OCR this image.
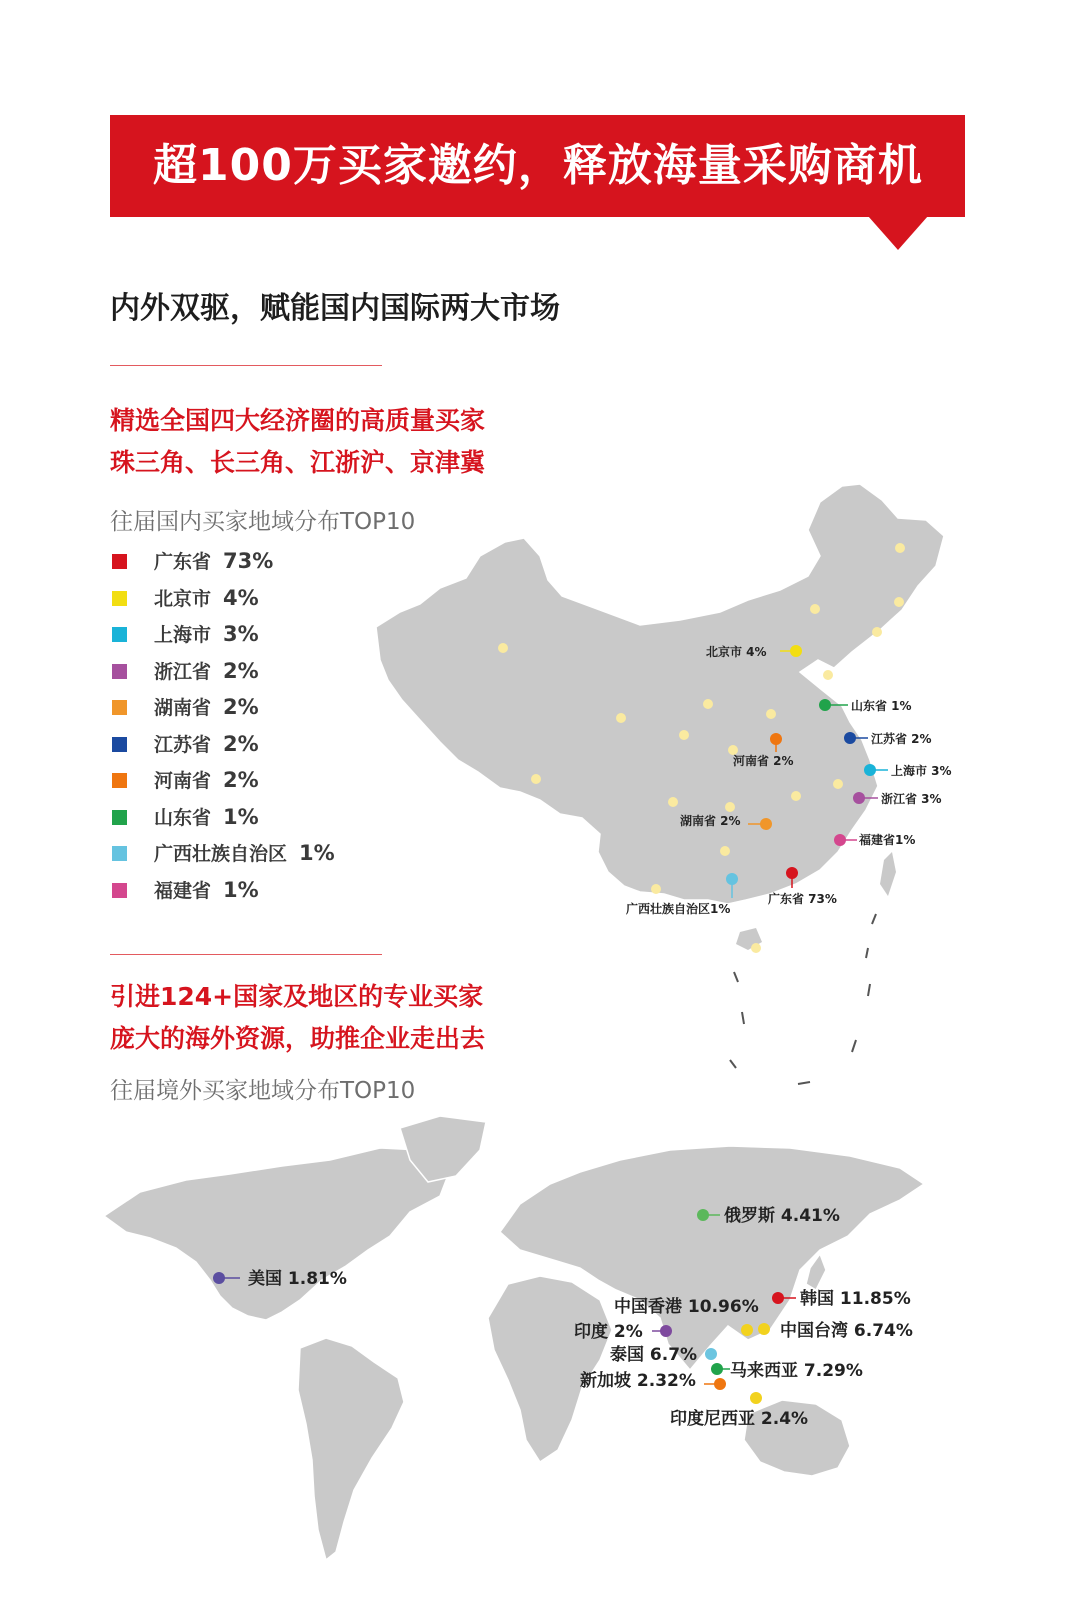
超100万买家邀约，释放海量采购商机
内外双驱，赋能国内国际两大市场

精选全国四大经济圈的高质量买家

珠三角、长三角、江浙沪、京津冀

往届国内买家地域分布TOP10

广东省 73%
北京市 4%
上海市 3%
浙江省 2%
湖南省 2%
江苏省 2%
河南省 2%
山东省 1%
广西壮族自治区 1%
福建省 1%

引进124+国家及地区的专业买家

庞大的海外资源，助推企业走出去

往届境外买家地域分布TOP10

北京市 4%
山东省 1%
江苏省 2%
河南省 2%
上海市 3%
浙江省 3%
湖南省 2%
福建省1%
广西壮族自治区1%
广东省 73%
俄罗斯 4.41%
美国 1.81%
中国香港 10.96% 韩国 11.85%
印度 2%	中国台湾 6.74%
泰国 6.7%
马来西亚 7.29%
新加坡 2.32%
印度尼西亚 2.4%
